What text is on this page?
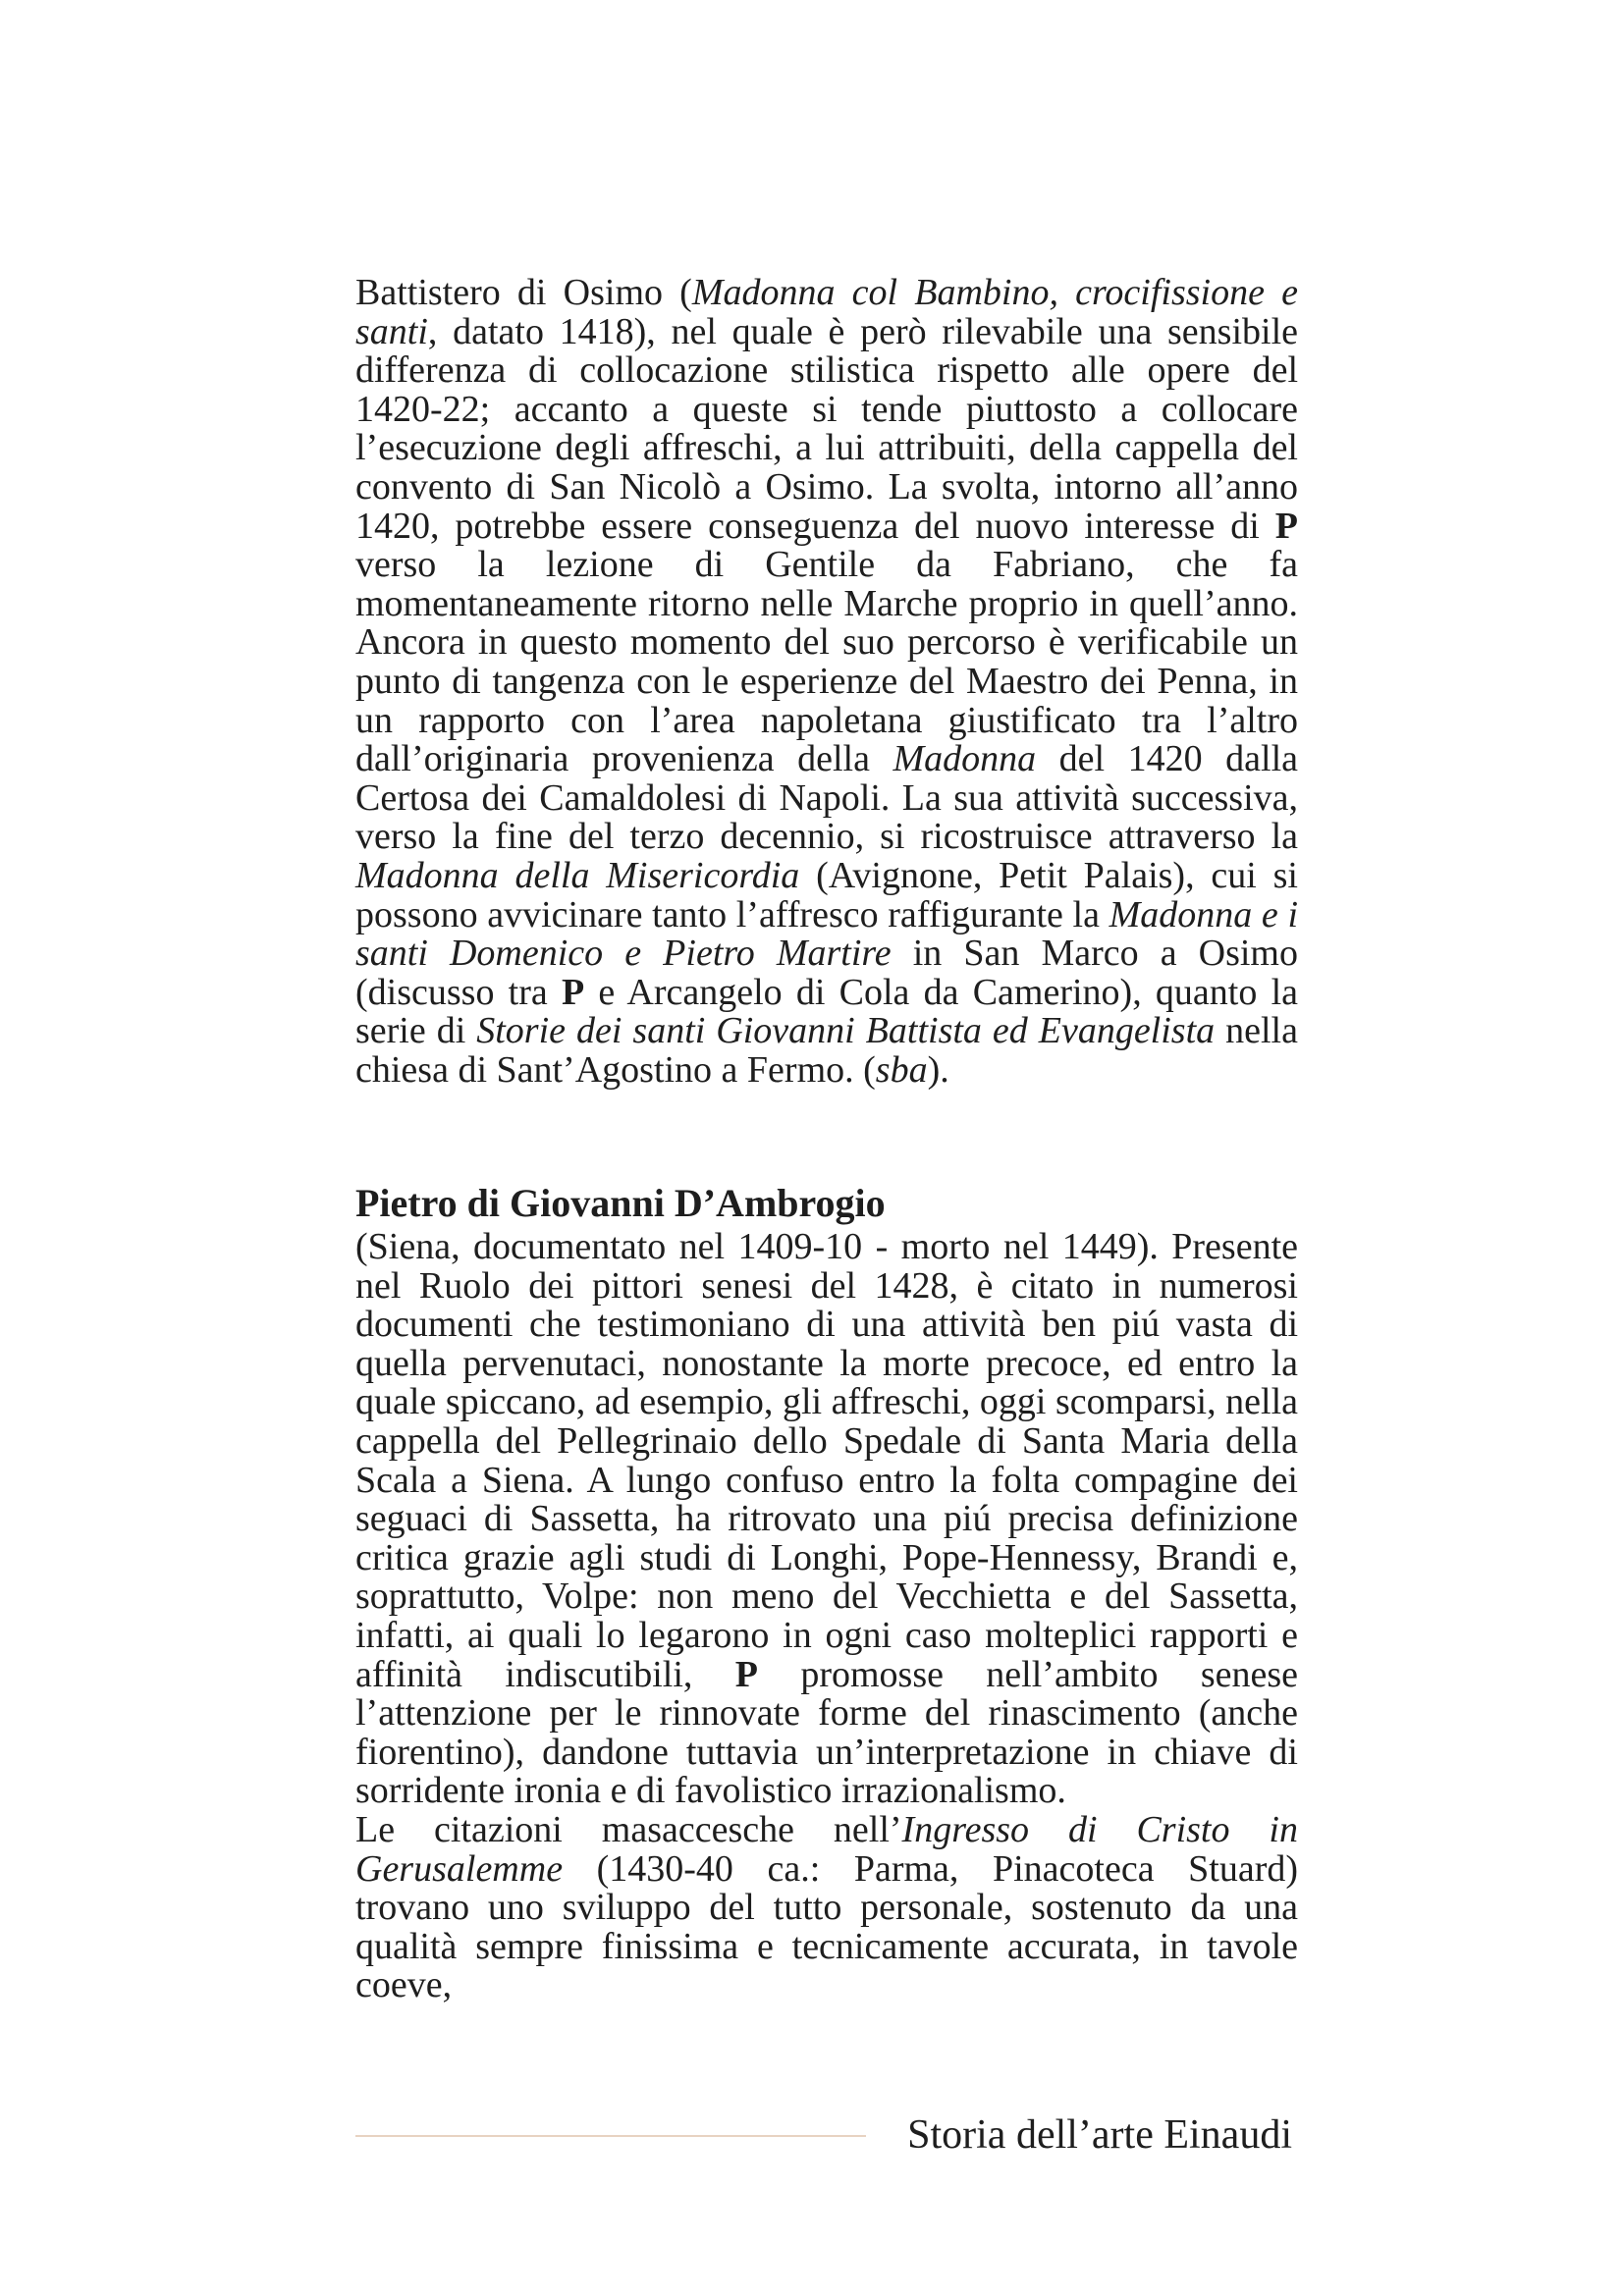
Battistero di Osimo (Madonna col Bambino, crocifissione e santi, datato 1418), nel quale è però rilevabile una sensibile differenza di collocazione stilistica rispetto alle opere del 1420-22; accanto a queste si tende piuttosto a collocare l’esecuzione degli affreschi, a lui attribuiti, della cappella del convento di San Nicolò a Osimo. La svolta, intorno all’anno 1420, potrebbe essere conseguenza del nuovo interesse di P verso la lezione di Gentile da Fabriano, che fa momentaneamente ritorno nelle Marche proprio in quell’anno. Ancora in questo momento del suo percorso è verificabile un punto di tangenza con le esperienze del Maestro dei Penna, in un rapporto con l’area napoletana giustificato tra l’altro dall’originaria provenienza della Madonna del 1420 dalla Certosa dei Camaldolesi di Napoli. La sua attività successiva, verso la fine del terzo decennio, si ricostruisce attraverso la Madonna della Misericordia (Avignone, Petit Palais), cui si possono avvicinare tanto l’affresco raffigurante la Madonna e i santi Domenico e Pietro Martire in San Marco a Osimo (discusso tra P e Arcangelo di Cola da Camerino), quanto la serie di Storie dei santi Giovanni Battista ed Evangelista nella chiesa di Sant’Agostino a Fermo. (sba).

Pietro di Giovanni D’Ambrogio

(Siena, documentato nel 1409-10 - morto nel 1449). Presente nel Ruolo dei pittori senesi del 1428, è citato in numerosi documenti che testimoniano di una attività ben piú vasta di quella pervenutaci, nonostante la morte precoce, ed entro la quale spiccano, ad esempio, gli affreschi, oggi scomparsi, nella cappella del Pellegrinaio dello Spedale di Santa Maria della Scala a Siena. A lungo confuso entro la folta compagine dei seguaci di Sassetta, ha ritrovato una piú precisa definizione critica grazie agli studi di Longhi, Pope-Hennessy, Brandi e, soprattutto, Volpe: non meno del Vecchietta e del Sassetta, infatti, ai quali lo legarono in ogni caso molteplici rapporti e affinità indiscutibili, P promosse nell’ambito senese l’attenzione per le rinnovate forme del rinascimento (anche fiorentino), dandone tuttavia un’interpretazione in chiave di sorridente ironia e di favolistico irrazionalismo.

Le citazioni masaccesche nell’Ingresso di Cristo in Gerusalemme (1430-40 ca.: Parma, Pinacoteca Stuard) trovano uno sviluppo del tutto personale, sostenuto da una qualità sempre finissima e tecnicamente accurata, in tavole coeve,

Storia dell’arte Einaudi
